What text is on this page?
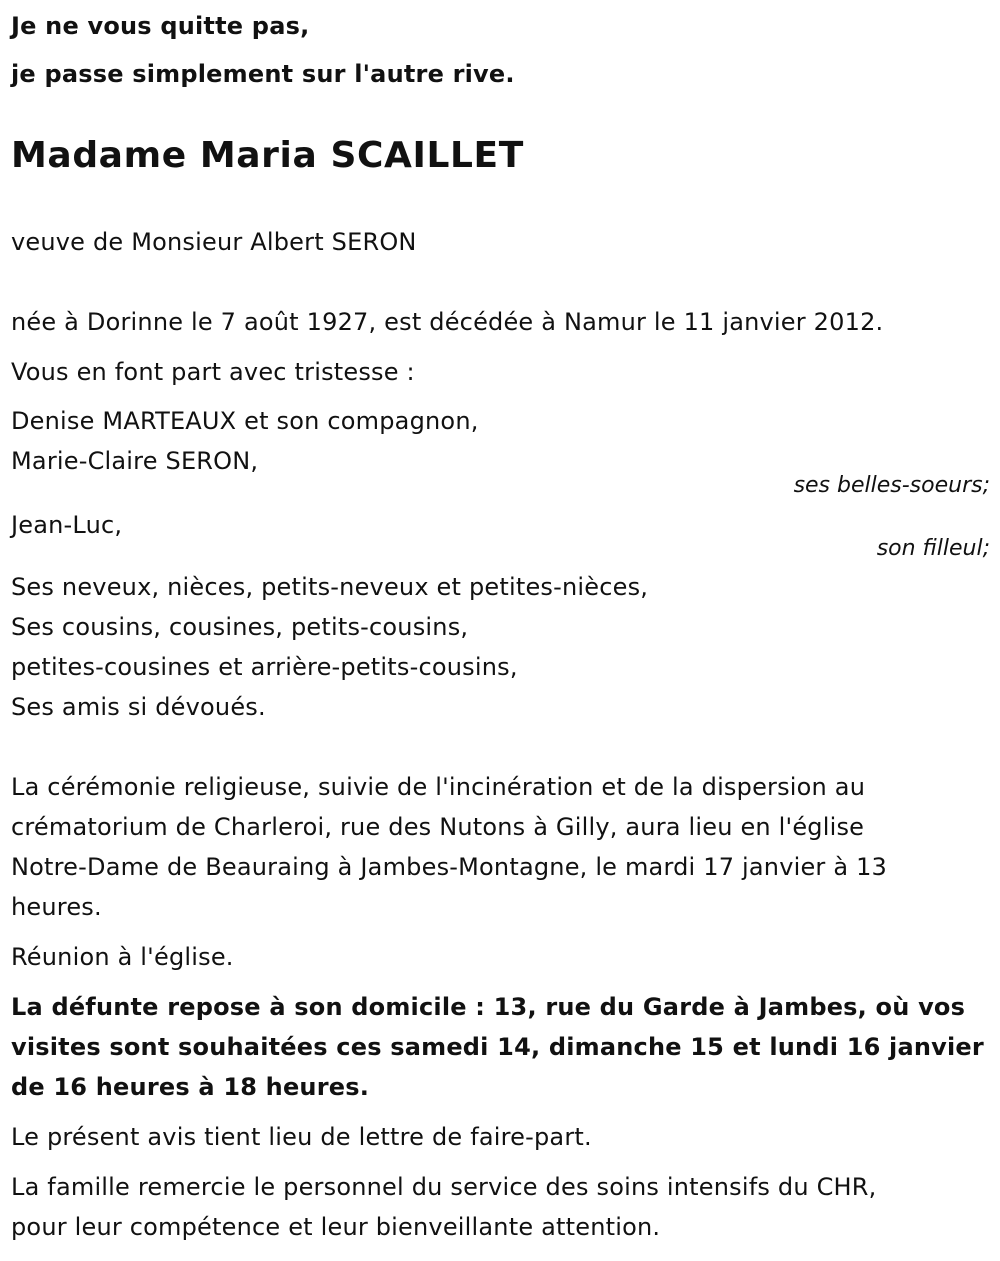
Je ne vous quitte pas,
je passe simplement sur l'autre rive.
Madame Maria SCAILLET
veuve de Monsieur Albert SERON
née à Dorinne le 7 août 1927, est décédée à Namur le 11 janvier 2012.
Vous en font part avec tristesse :
Denise MARTEAUX et son compagnon,
Marie-Claire SERON,
ses belles-soeurs;
Jean-Luc,
son filleul;
Ses neveux, nièces, petits-neveux et petites-nièces,
Ses cousins, cousines, petits-cousins,
petites-cousines et arrière-petits-cousins,
Ses amis si dévoués.
La cérémonie religieuse, suivie de l'incinération et de la dispersion au
crématorium de Charleroi, rue des Nutons à Gilly, aura lieu en l'église
Notre-Dame de Beauraing à Jambes-Montagne, le mardi 17 janvier à 13
heures.
Réunion à l'église.
La défunte repose à son domicile : 13, rue du Garde à Jambes, où vos
visites sont souhaitées ces samedi 14, dimanche 15 et lundi 16 janvier
de 16 heures à 18 heures.
Le présent avis tient lieu de lettre de faire-part.
La famille remercie le personnel du service des soins intensifs du CHR,
pour leur compétence et leur bienveillante attention.
